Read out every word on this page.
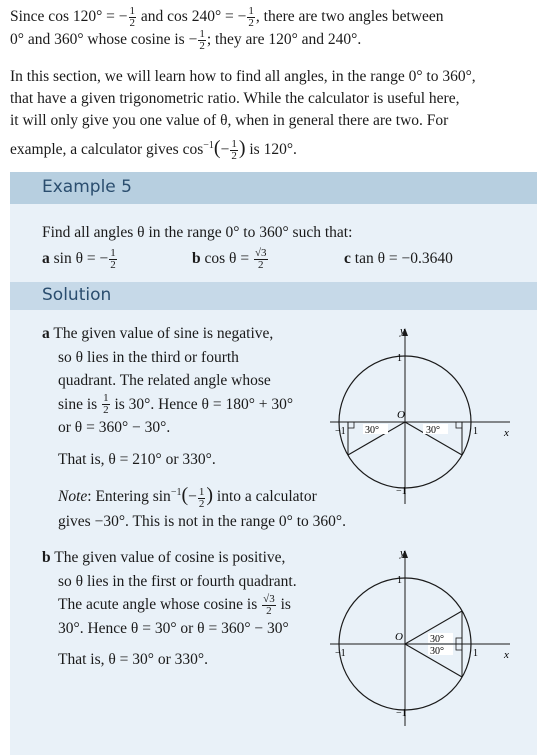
Since cos 120° = − $\frac{1}{2}$ and cos 240° = − $\frac{1}{2}$ , there are two angles between
0° and 360° whose cosine is − $\frac{1}{2}$ ; they are 120° and 240°.
In this section, we will learn how to find all angles, in the range 0° to 360°,
that have a given trigonometric ratio. While the calculator is useful here,
it will only give you one value of θ, when in general there are two. For
example, a calculator gives $\cos^{-1}(- \frac{1}{2}$ ) is 120°.
Example 5
Find all angles θ in the range 0° to 360° such that:
a sin θ = − $\frac{1}{2}$	b $\cos \theta = \frac{√3}{2}$	c tan θ = −0.3640
Solution
a The given value of sine is negative,
so θ lies in the third or fourth
quadrant. The related angle whose
sine is $\frac{1}{2}$ is 30°. Hence θ = 180° + 30°
or θ = 360° − 30°.
That is, θ = 210° or 330°.
Note: Entering $\sin^{-1}(- \frac{1}{2}$ ) into a calculator
gives −30°. This is not in the range 0° to 360°.
b The given value of cosine is positive,
so θ lies in the first or fourth quadrant.
The acute angle whose cosine is $\frac{√3}{2}$ is
30°. Hence θ = 30° or θ = 360° − 30°
That is, θ = 30° or 330°.
y
x
O
1
−1	1
−1
30°	30°
y
x
O
1
−1	1
−1
30°
30°
